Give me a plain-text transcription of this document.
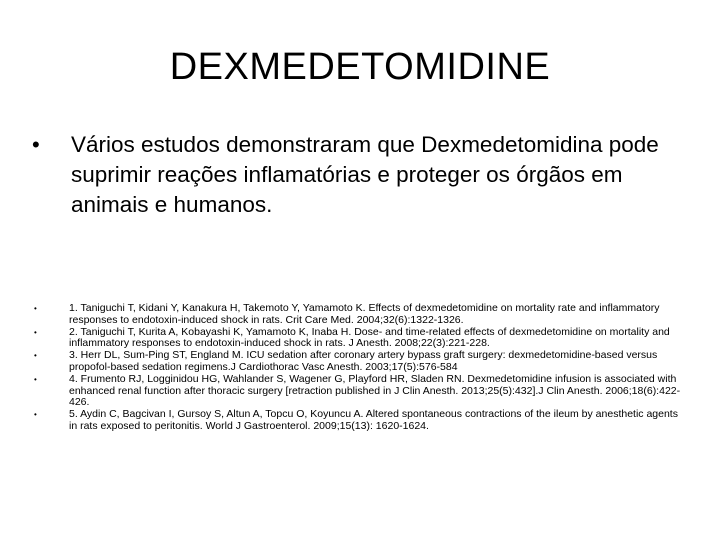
DEXMEDETOMIDINE
•	Vários estudos demonstraram que Dexmedetomidina pode suprimir reações inflamatórias e proteger os órgãos em animais e humanos.
•	1. Taniguchi T, Kidani Y, Kanakura H, Takemoto Y, Yamamoto K. Effects of dexmedetomidine on mortality rate and inflammatory responses to endotoxin-induced shock in rats. Crit Care Med. 2004;32(6):1322-1326.
•	2. Taniguchi T, Kurita A, Kobayashi K, Yamamoto K, Inaba H. Dose- and time-related effects of dexmedetomidine on mortality and inflammatory responses to endotoxin-induced shock in rats. J Anesth. 2008;22(3):221-228.
•	3. Herr DL, Sum-Ping ST, England M. ICU sedation after coronary artery bypass graft surgery: dexmedetomidine-based versus propofol-based sedation regimens.J Cardiothorac Vasc Anesth. 2003;17(5):576-584
•	4. Frumento RJ, Logginidou HG, Wahlander S, Wagener G, Playford HR, Sladen RN. Dexmedetomidine infusion is associated with enhanced renal function after thoracic surgery [retraction published in J Clin Anesth. 2013;25(5):432].J Clin Anesth. 2006;18(6):422-426.
•	5. Aydin C, Bagcivan I, Gursoy S, Altun A, Topcu O, Koyuncu A. Altered spontaneous contractions of the ileum by anesthetic agents in rats exposed to peritonitis. World J Gastroenterol. 2009;15(13): 1620-1624.
